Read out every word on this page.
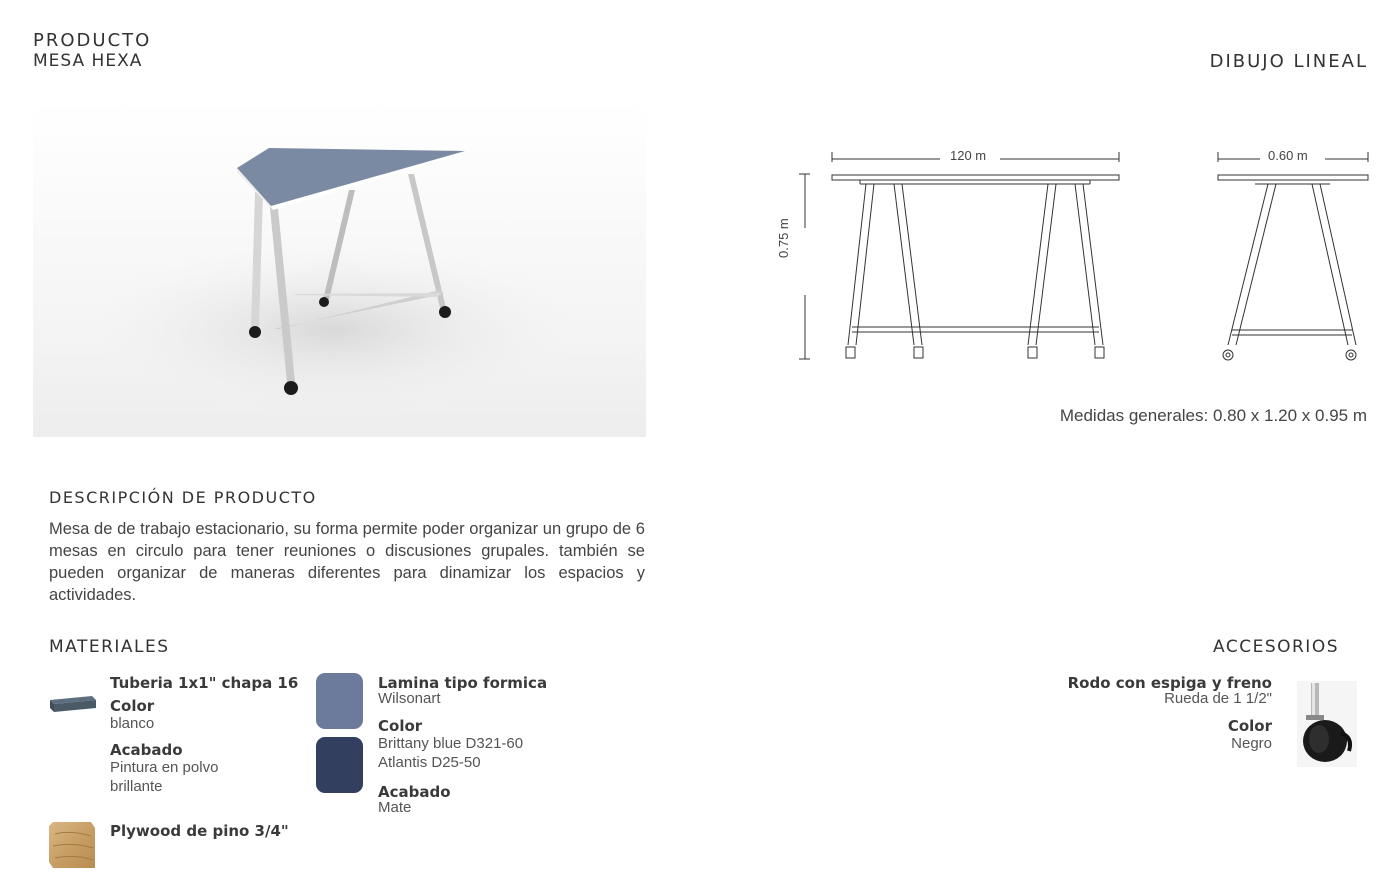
PRODUCTO
MESA HEXA	DIBUJO LINEAL
120 m	0.60 m
0.75 m
Medidas generales: 0.80 x 1.20 x 0.95 m
DESCRIPCIÓN DE PRODUCTO
Mesa de de trabajo estacionario, su forma permite poder organizar un grupo de 6 mesas en circulo para tener reuniones o discusiones grupales. también se pueden organizar de maneras diferentes para dinamizar los espacios y actividades.
MATERIALES
Tuberia 1x1" chapa 16
Color
blanco
Acabado
Pintura en polvo
brillante
Plywood de pino 3/4"
Lamina tipo formica
Wilsonart
Color
Brittany blue D321-60
Atlantis D25-50
Acabado
Mate
ACCESORIOS
Rodo con espiga y freno
Rueda de 1 1/2"
Color
Negro
